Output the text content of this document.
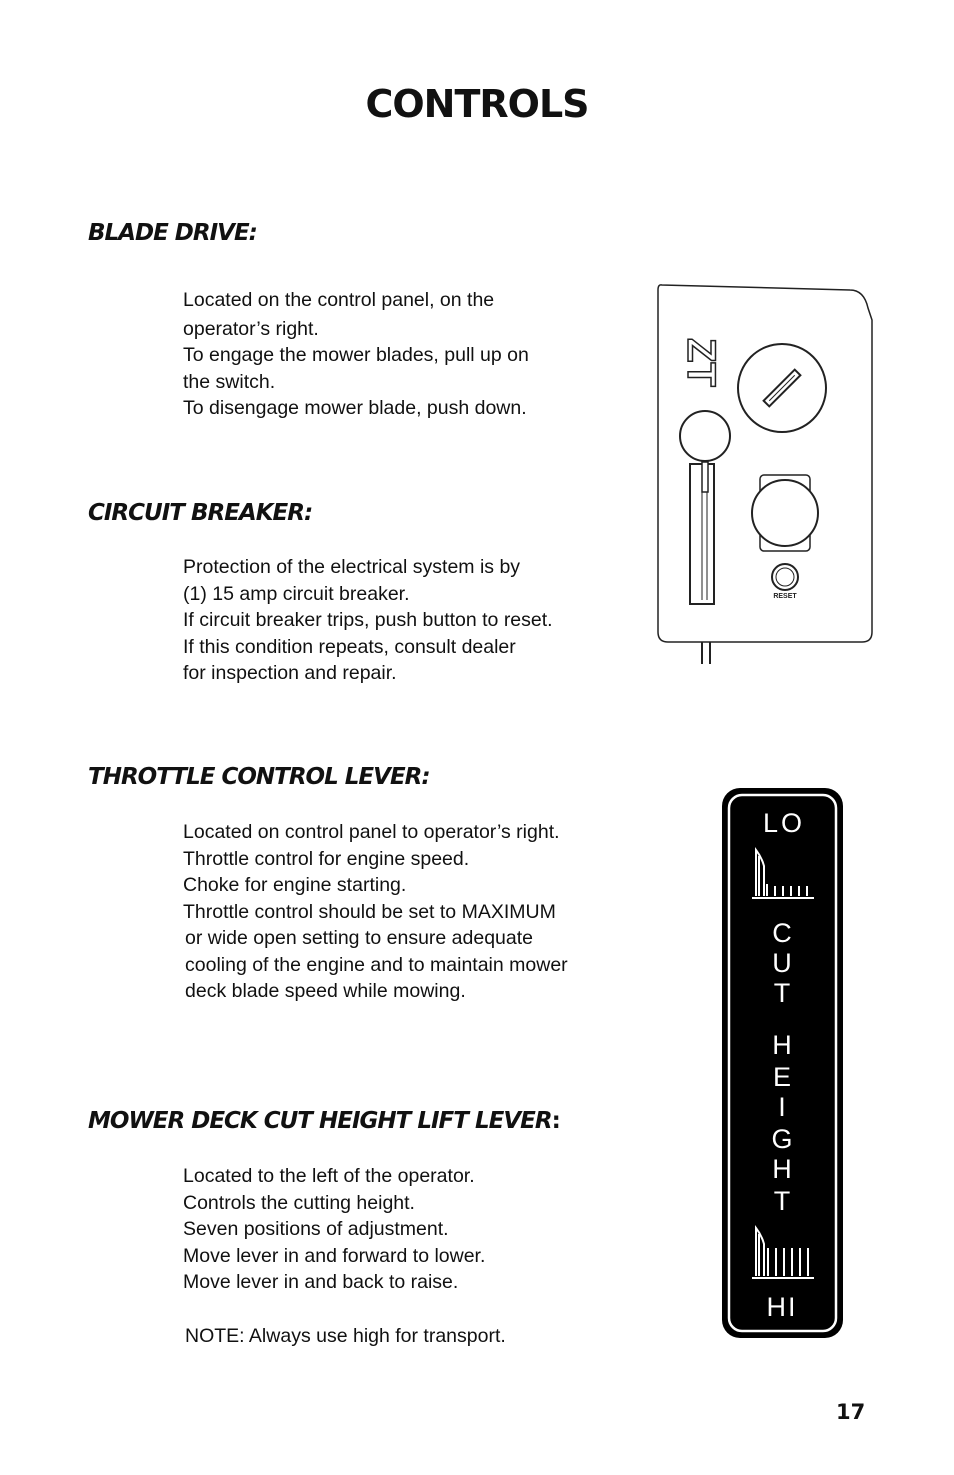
CONTROLS
BLADE DRIVE:
Located on the control panel, on the
operator’s right.
To engage the mower blades, pull up on
the switch.
To disengage mower blade, push down.
CIRCUIT BREAKER:
Protection of the electrical system is by
(1) 15 amp circuit breaker.
If circuit breaker trips, push button to reset.
If this condition repeats, consult dealer
for inspection and repair.
THROTTLE CONTROL LEVER:
Located on control panel to operator’s right.
Throttle control for engine speed.
Choke for engine starting.
Throttle control should be set to MAXIMUM
or wide open setting to ensure adequate
cooling of the engine and to maintain mower
deck blade speed while mowing.
MOWER DECK CUT HEIGHT LIFT LEVER:
Located to the left of the operator.
Controls the cutting height.
Seven positions of adjustment.
Move lever in and forward to lower.
Move lever in and back to raise.
NOTE: Always use high for transport.
ZT
RESET
LO
C
U
T
H
E
I
G
H
T
HI
17
